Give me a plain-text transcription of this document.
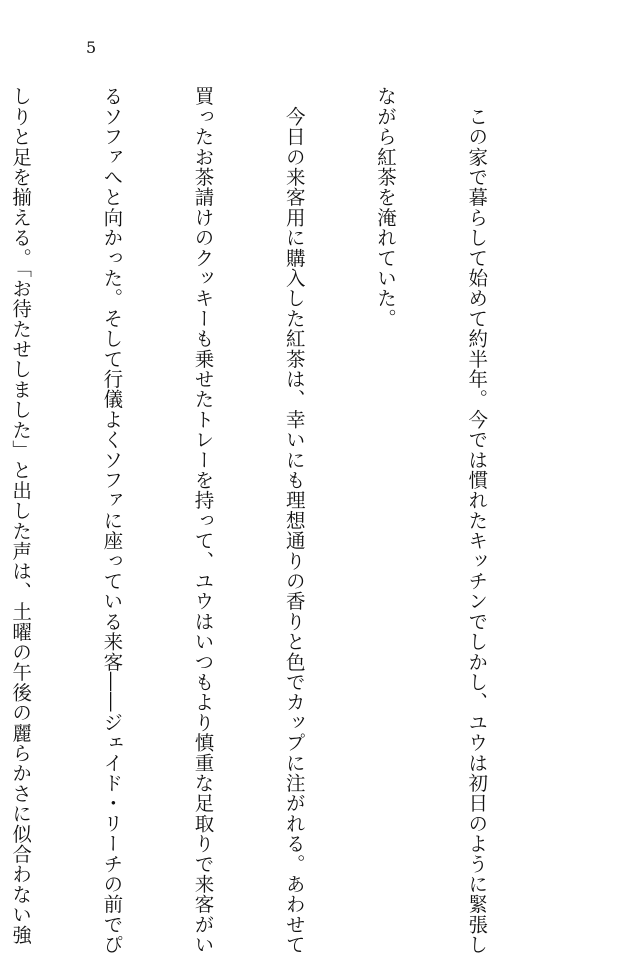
5

　この家で暮らして始めて約半年。今では慣れたキッチンでしかし、ユウは初日のように緊張し

ながら紅茶を淹れていた。

　今日の来客用に購入した紅茶は、幸いにも理想通りの香りと色でカップに注がれる。あわせて

買ったお茶請けのクッキーも乗せたトレーを持って、ユウはいつもより慎重な足取りで来客がい

るソファへと向かった。そして行儀よくソファに座っている来客――ジェイド・リーチの前でぴ

しりと足を揃える。「お待たせしました」と出した声は、土曜の午後の麗らかさに似合わない強
